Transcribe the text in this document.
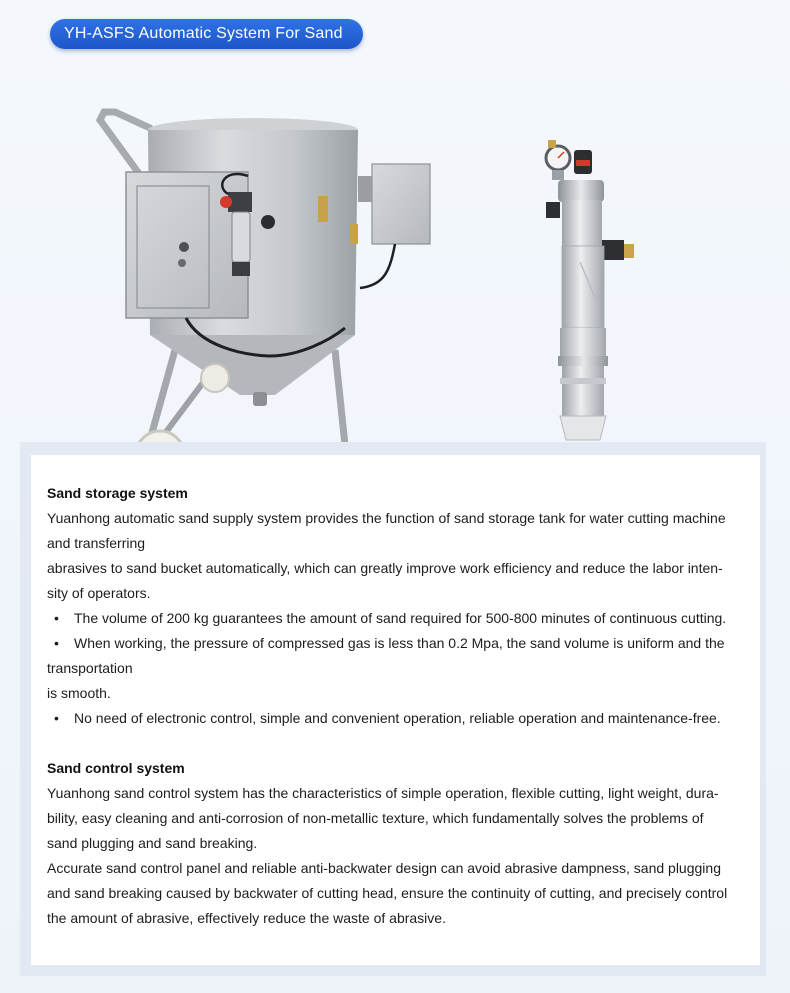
YH-ASFS Automatic System For Sand
Sand storage system
Yuanhong automatic sand supply system provides the function of sand storage tank for water cutting machine
and transferring
abrasives to sand bucket automatically, which can greatly improve work efficiency and reduce the labor inten-
sity of operators.
• The volume of 200 kg guarantees the amount of sand required for 500-800 minutes of continuous cutting.
• When working, the pressure of compressed gas is less than 0.2 Mpa, the sand volume is uniform and the
transportation
is smooth.
• No need of electronic control, simple and convenient operation, reliable operation and maintenance-free.
Sand control system
Yuanhong sand control system has the characteristics of simple operation, flexible cutting, light weight, dura-
bility, easy cleaning and anti-corrosion of non-metallic texture, which fundamentally solves the problems of
sand plugging and sand breaking.
Accurate sand control panel and reliable anti-backwater design can avoid abrasive dampness, sand plugging
and sand breaking caused by backwater of cutting head, ensure the continuity of cutting, and precisely control
the amount of abrasive, effectively reduce the waste of abrasive.
